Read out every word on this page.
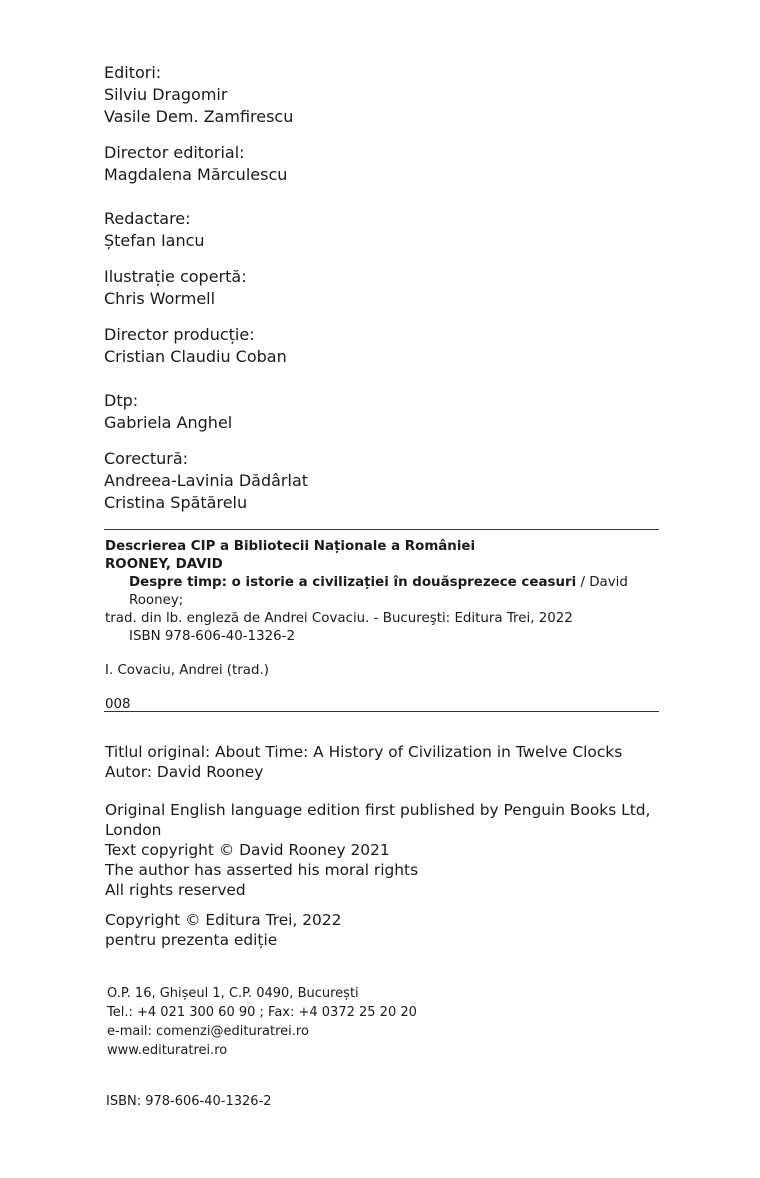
Editori:
Silviu Dragomir
Vasile Dem. Zamfirescu
Director editorial:
Magdalena Mărculescu
Redactare:
Ștefan Iancu
Ilustrație copertă:
Chris Wormell
Director producție:
Cristian Claudiu Coban
Dtp:
Gabriela Anghel
Corectură:
Andreea-Lavinia Dădârlat
Cristina Spătărelu
Descrierea CIP a Bibliotecii Naționale a României
ROONEY, DAVID
Despre timp: o istorie a civilizației în douăsprezece ceasuri / David Rooney;
trad. din lb. engleză de Andrei Covaciu. - Bucureşti: Editura Trei, 2022
ISBN 978-606-40-1326-2
I. Covaciu, Andrei (trad.)
008
Titlul original: About Time: A History of Civilization in Twelve Clocks
Autor: David Rooney
Original English language edition first published by Penguin Books Ltd,
London
Text copyright © David Rooney 2021
The author has asserted his moral rights
All rights reserved
Copyright © Editura Trei, 2022
pentru prezenta ediție
O.P. 16, Ghișeul 1, C.P. 0490, București
Tel.: +4 021 300 60 90 ; Fax: +4 0372 25 20 20
e-mail: comenzi@edituratrei.ro
www.edituratrei.ro
ISBN: 978-606-40-1326-2
